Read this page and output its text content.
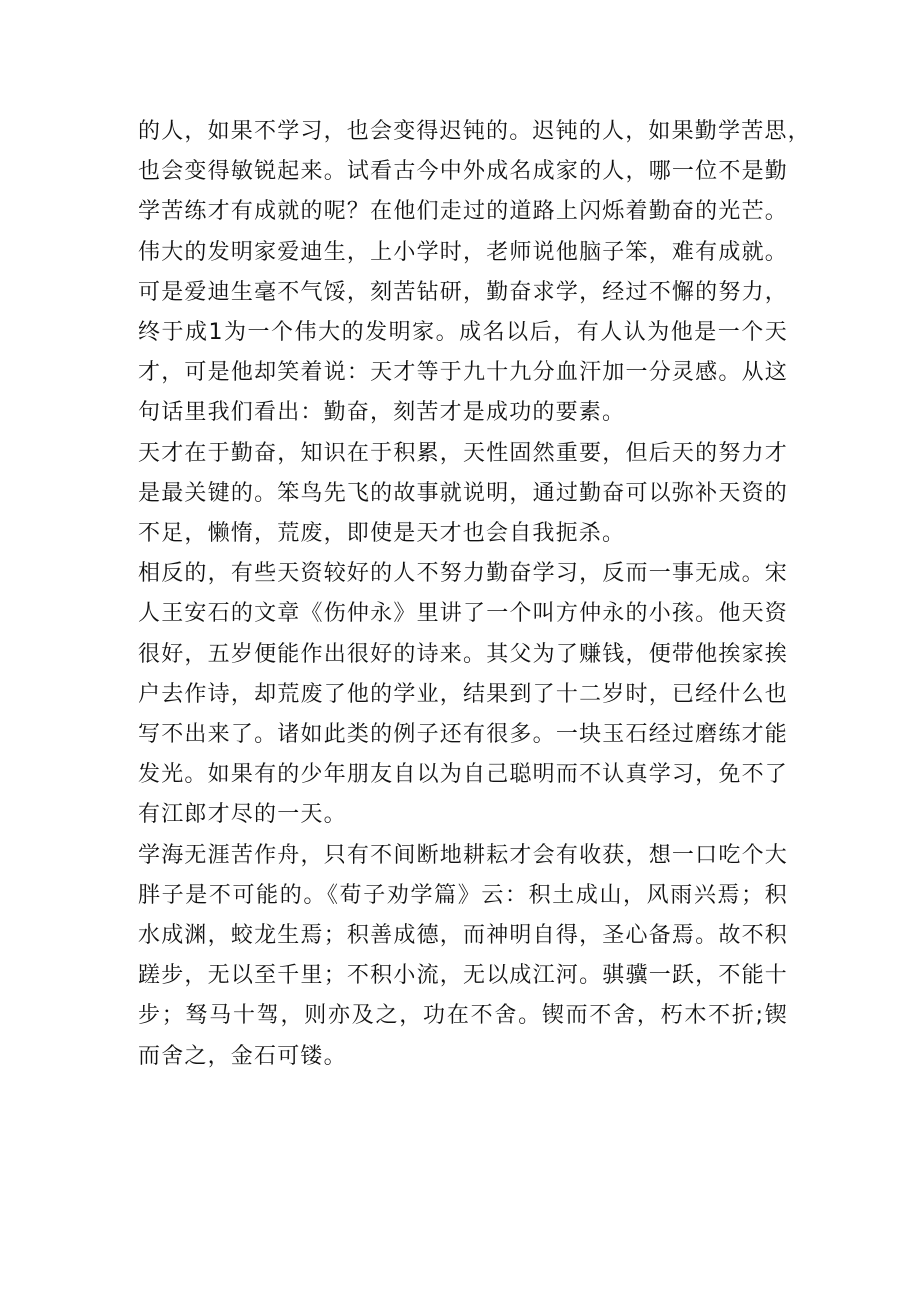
的人，如果不学习，也会变得迟钝的。迟钝的人，如果勤学苦思，
也会变得敏锐起来。试看古今中外成名成家的人，哪一位不是勤
学苦练才有成就的呢？在他们走过的道路上闪烁着勤奋的光芒。
伟大的发明家爱迪生，上小学时，老师说他脑子笨，难有成就。
可是爱迪生毫不气馁，刻苦钻研，勤奋求学，经过不懈的努力，
终于成1为一个伟大的发明家。成名以后，有人认为他是一个天
才，可是他却笑着说：天才等于九十九分血汗加一分灵感。从这
句话里我们看出：勤奋，刻苦才是成功的要素。

天才在于勤奋，知识在于积累，天性固然重要，但后天的努力才
是最关键的。笨鸟先飞的故事就说明，通过勤奋可以弥补天资的
不足，懒惰，荒废，即使是天才也会自我扼杀。

相反的，有些天资较好的人不努力勤奋学习，反而一事无成。宋
人王安石的文章《伤仲永》里讲了一个叫方仲永的小孩。他天资
很好，五岁便能作出很好的诗来。其父为了赚钱，便带他挨家挨
户去作诗，却荒废了他的学业，结果到了十二岁时，已经什么也
写不出来了。诸如此类的例子还有很多。一块玉石经过磨练才能
发光。如果有的少年朋友自以为自己聪明而不认真学习，免不了
有江郎才尽的一天。

学海无涯苦作舟，只有不间断地耕耘才会有收获，想一口吃个大
胖子是不可能的。《荀子劝学篇》云：积土成山，风雨兴焉；积
水成渊，蛟龙生焉；积善成德，而神明自得，圣心备焉。故不积
蹉步，无以至千里；不积小流，无以成江河。骐骥一跃，不能十
步；驽马十驾，则亦及之，功在不舍。锲而不舍，朽木不折;锲
而舍之，金石可镂。
